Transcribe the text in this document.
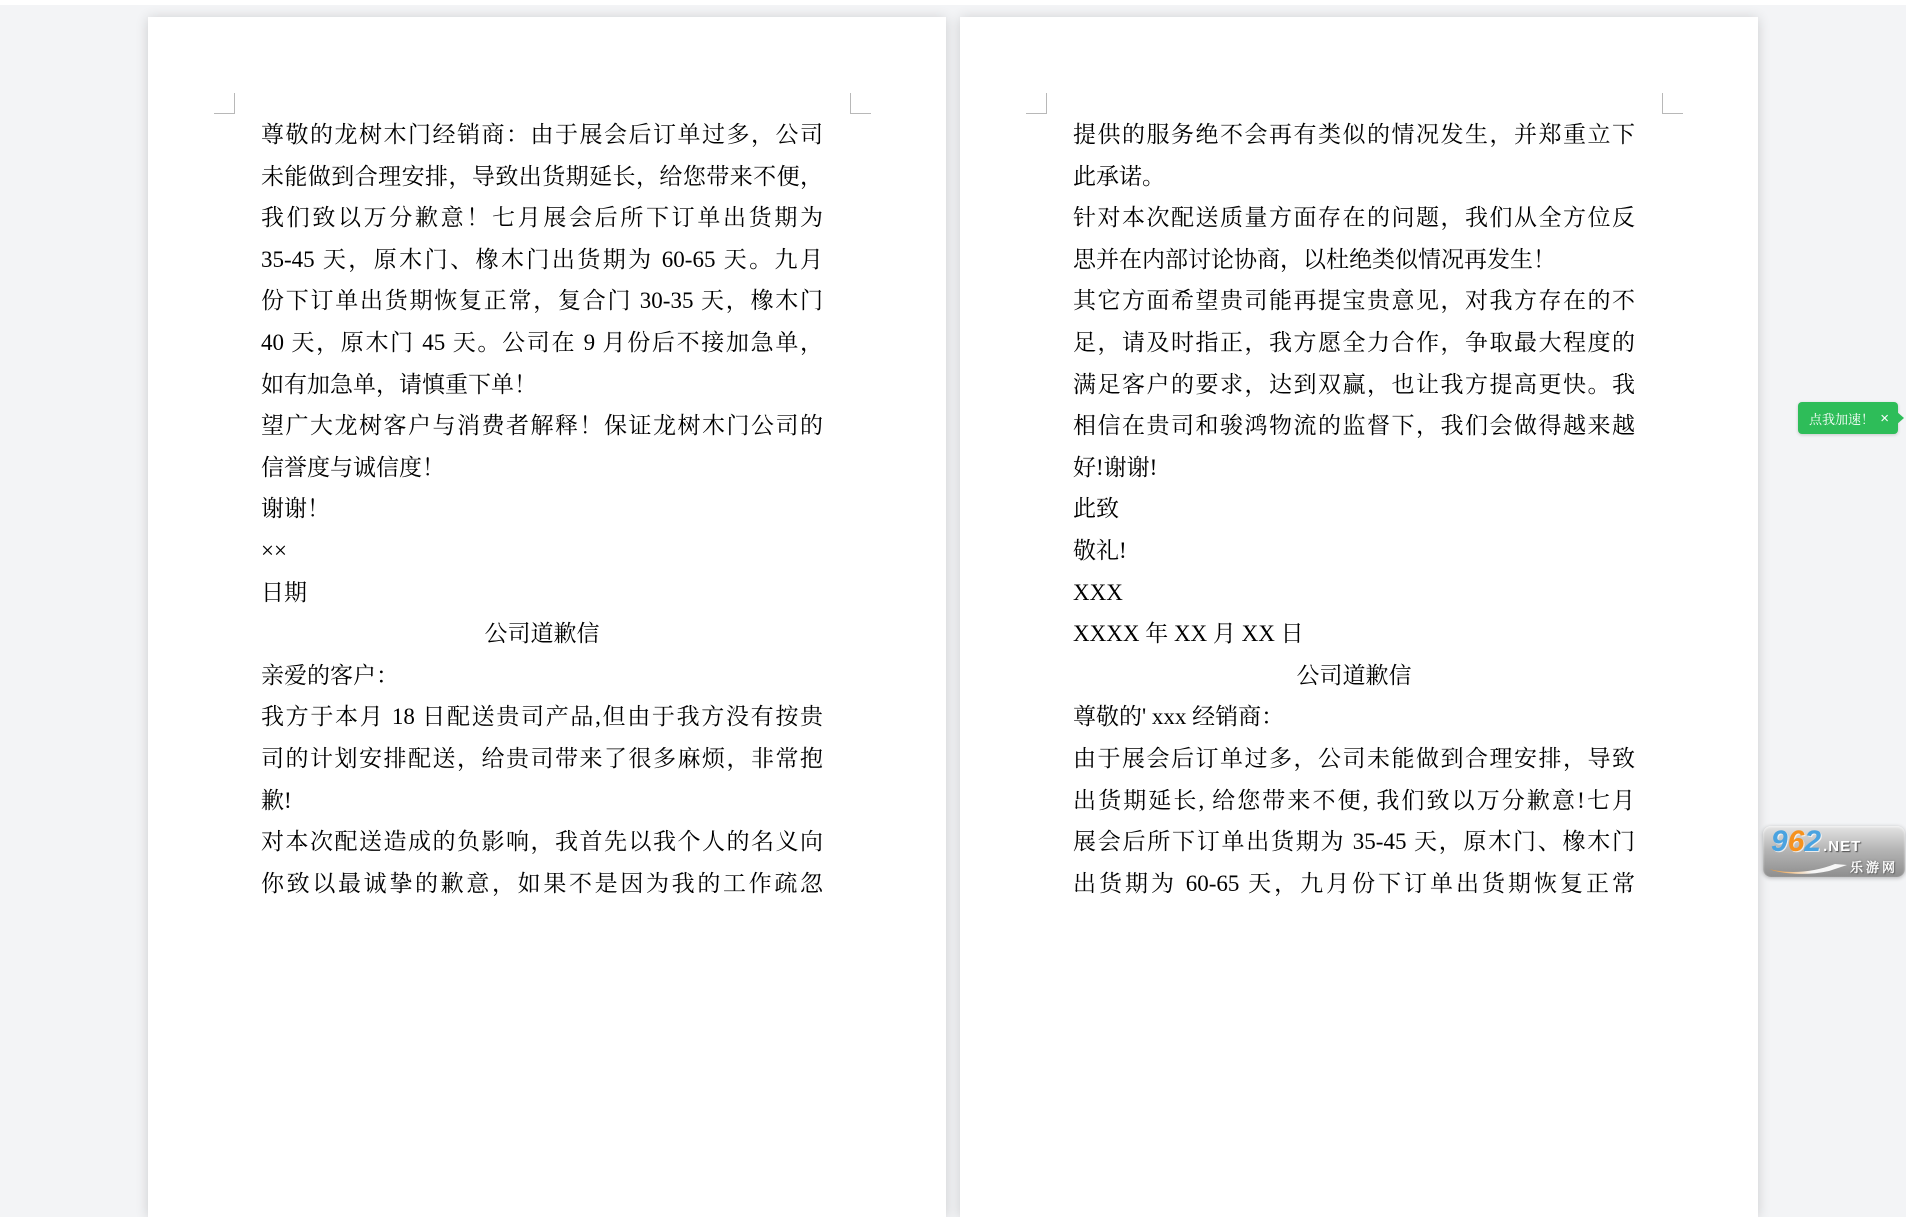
尊敬的龙树木门经销商：由于展会后订单过多，公司
未能做到合理安排，导致出货期延长，给您带来不便，
我们致以万分歉意！七月展会后所下订单出货期为
35-45 天，原木门、橡木门出货期为 60-65 天。九月
份下订单出货期恢复正常，复合门 30-35 天，橡木门
40 天，原木门 45 天。公司在 9 月份后不接加急单，
如有加急单，请慎重下单！
望广大龙树客户与消费者解释！保证龙树木门公司的
信誉度与诚信度！
谢谢！
××
日期
公司道歉信
亲爱的客户：
我方于本月 18 日配送贵司产品,但由于我方没有按贵
司的计划安排配送，给贵司带来了很多麻烦，非常抱
歉!
对本次配送造成的负影响，我首先以我个人的名义向
你致以最诚挚的歉意，如果不是因为我的工作疏忽
提供的服务绝不会再有类似的情况发生，并郑重立下
此承诺。
针对本次配送质量方面存在的问题，我们从全方位反
思并在内部讨论协商，以杜绝类似情况再发生！
其它方面希望贵司能再提宝贵意见，对我方存在的不
足，请及时指正，我方愿全力合作，争取最大程度的
满足客户的要求，达到双赢，也让我方提高更快。我
相信在贵司和骏鸿物流的监督下，我们会做得越来越
好!谢谢!
此致
敬礼!
XXX
XXXX 年 XX 月 XX 日
公司道歉信
尊敬的' xxx 经销商：
由于展会后订单过多，公司未能做到合理安排，导致
出货期延长, 给您带来不便, 我们致以万分歉意!七月
展会后所下订单出货期为 35-45 天，原木门、橡木门
出货期为 60-65 天，九月份下订单出货期恢复正常
点我加速！ ×
9 6 2 .NET
乐游网
